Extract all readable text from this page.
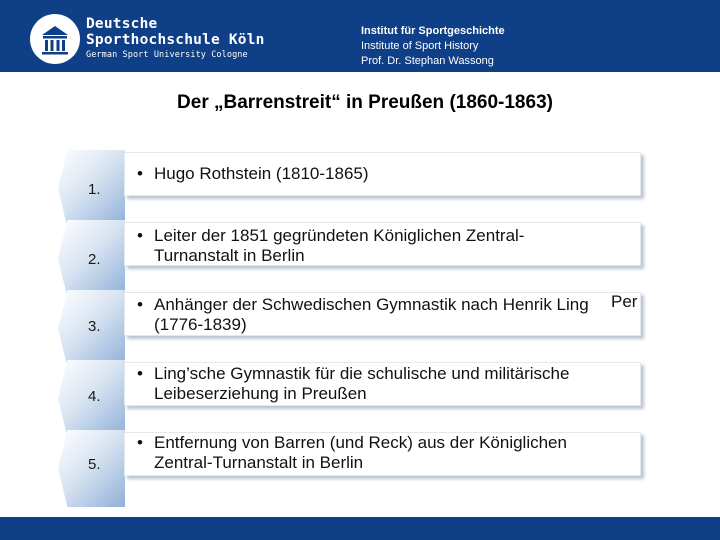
Deutsche
Sporthochschule Köln
German Sport University Cologne
Institut für Sportgeschichte
Institute of Sport History
Prof. Dr. Stephan Wassong
Der „Barrenstreit“ in Preußen (1860-1863)
1.
• Hugo Rothstein (1810-1865)
2.
• Leiter der 1851 gegründeten Königlichen Zentral-Turnanstalt in Berlin
3.
• Anhänger der Schwedischen Gymnastik nach Henrik Ling (1776-1839)
Per
4.
• Ling’sche Gymnastik für die schulische und militärische Leibeserziehung in Preußen
5.
• Entfernung von Barren (und Reck) aus der Königlichen Zentral-Turnanstalt in Berlin
